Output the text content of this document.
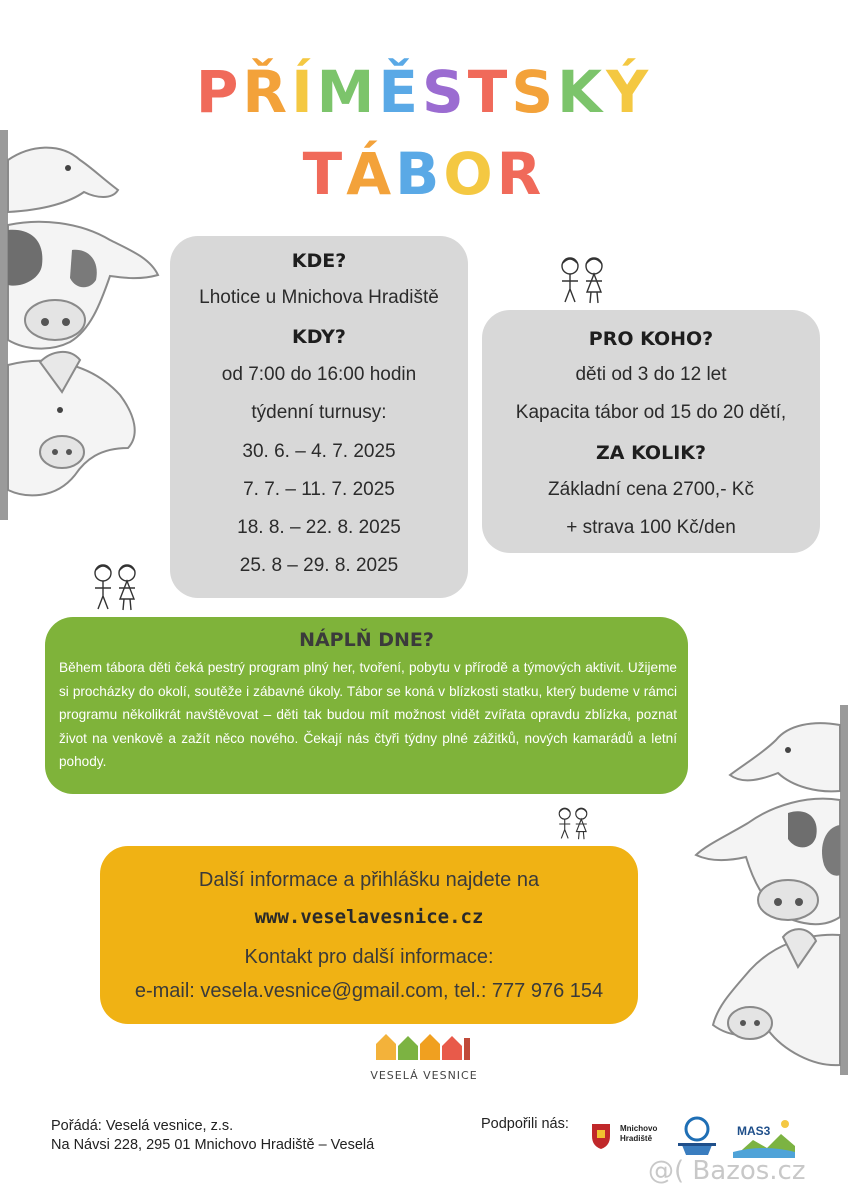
PŘÍMĚSTSKÝ
TÁBOR
KDE?
Lhotice u Mnichova Hradiště
KDY?
od 7:00 do 16:00 hodin
týdenní turnusy:
30. 6. – 4. 7. 2025
7. 7. – 11. 7. 2025
18. 8. – 22. 8. 2025
25. 8 – 29. 8. 2025
PRO KOHO?
děti od 3 do 12 let
Kapacita tábor od 15 do 20 dětí,
ZA KOLIK?
Základní cena 2700,- Kč
+ strava 100 Kč/den
NÁPLŇ DNE?
Během tábora děti čeká pestrý program plný her, tvoření, pobytu v přírodě a týmových aktivit. Užijeme si procházky do okolí, soutěže i zábavné úkoly. Tábor se koná v blízkosti statku, který budeme v rámci programu několikrát navštěvovat – děti tak budou mít možnost vidět zvířata opravdu zblízka, poznat život na venkově a zažít něco nového. Čekají nás čtyři týdny plné zážitků, nových kamarádů a letní pohody.
Další informace a přihlášku najdete na
www.veselavesnice.cz
Kontakt pro další informace:
e-mail: vesela.vesnice@gmail.com, tel.: 777 976 154
VESELÁ VESNICE
Pořádá: Veselá vesnice, z.s.
Na Návsi 228, 295 01 Mnichovo Hradiště – Veselá
Podpořili nás:	Mnichovo
Hradiště
MAS3
@( Bazos.cz
